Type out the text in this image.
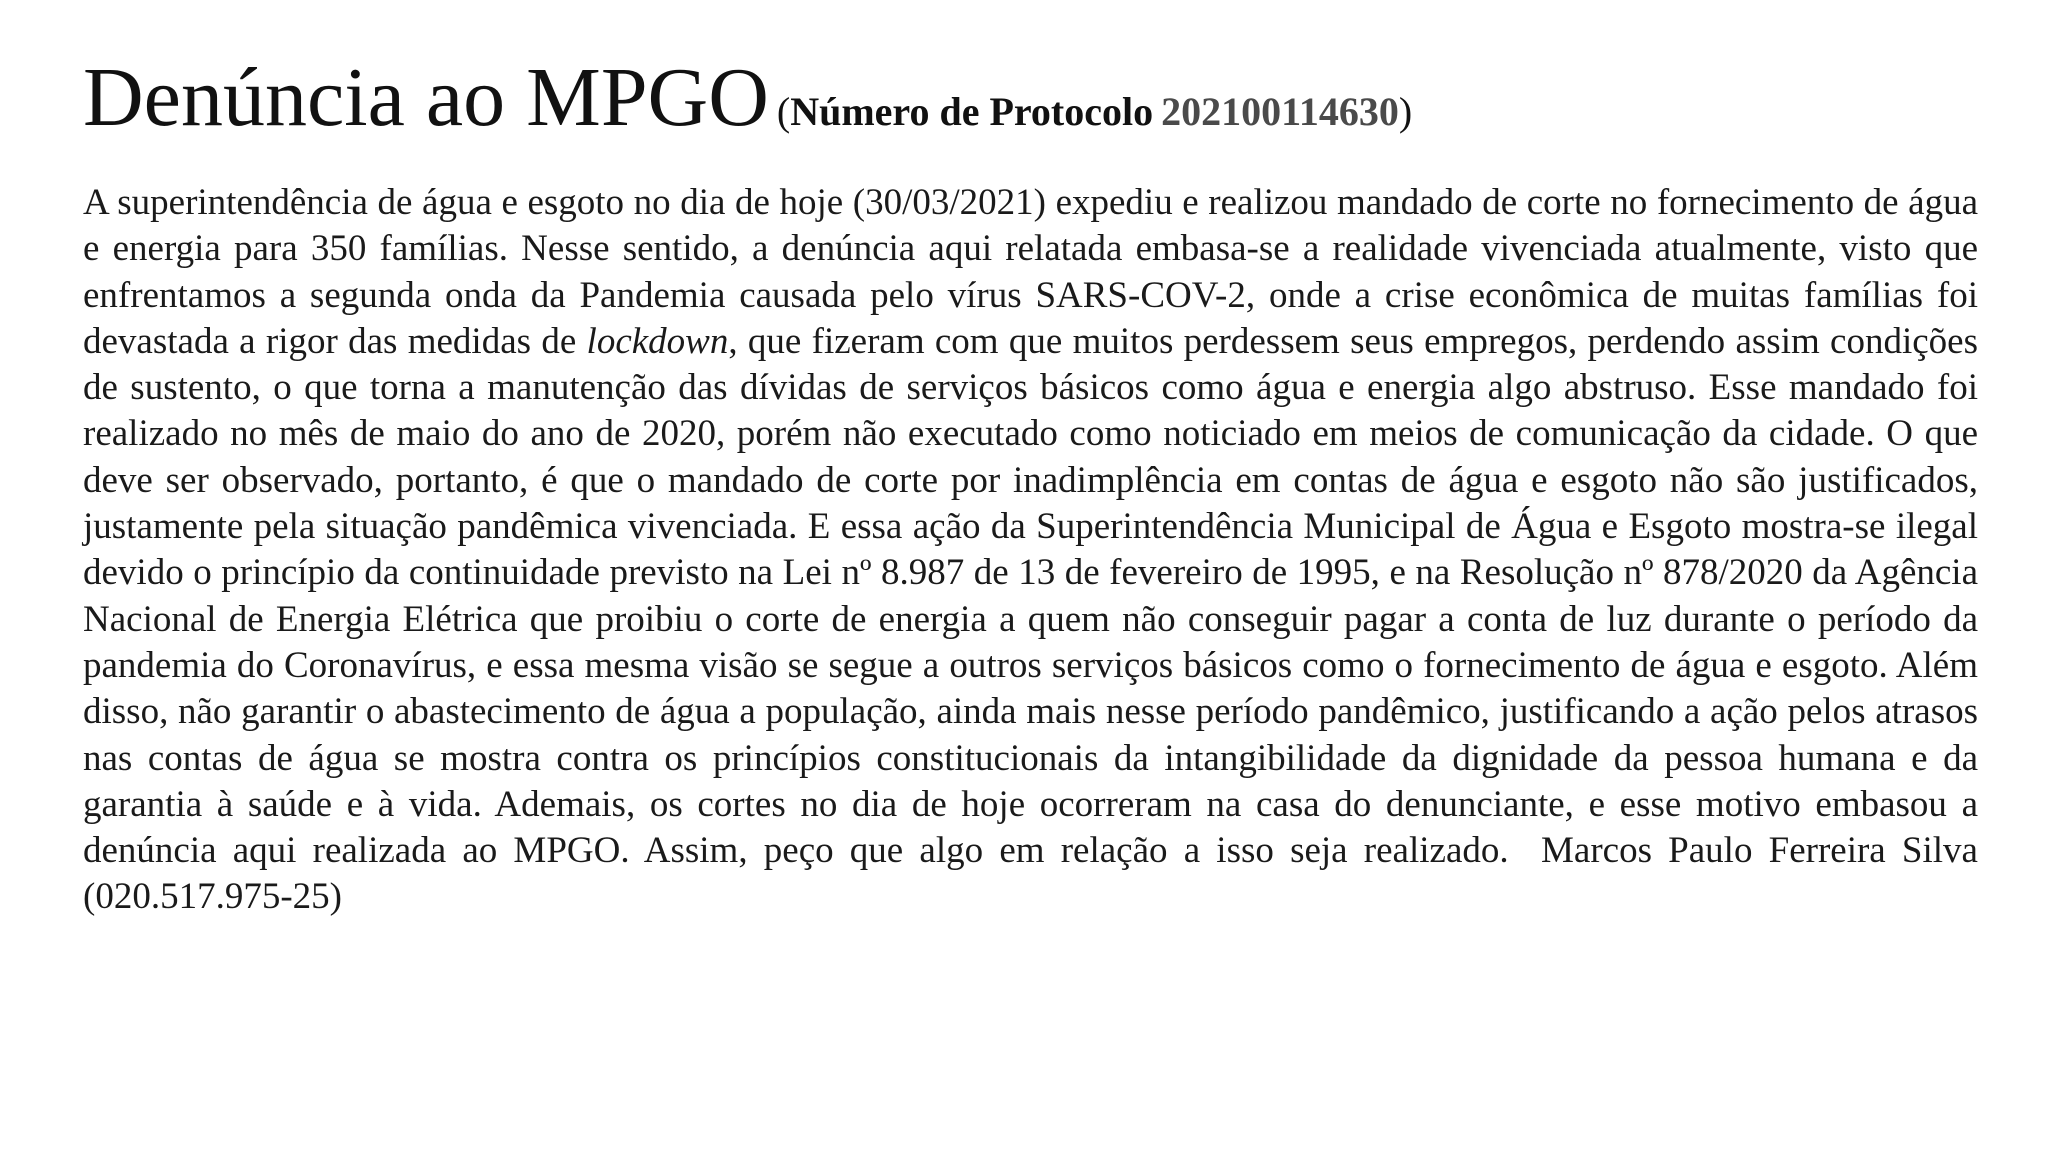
Denúncia ao MPGO (Número de Protocolo 202100114630)

A superintendência de água e esgoto no dia de hoje (30/03/2021) expediu e realizou mandado de corte no fornecimento de água e energia para 350 famílias. Nesse sentido, a denúncia aqui relatada embasa-se a realidade vivenciada atualmente, visto que enfrentamos a segunda onda da Pandemia causada pelo vírus SARS-COV-2, onde a crise econômica de muitas famílias foi devastada a rigor das medidas de lockdown, que fizeram com que muitos perdessem seus empregos, perdendo assim condições de sustento, o que torna a manutenção das dívidas de serviços básicos como água e energia algo abstruso. Esse mandado foi realizado no mês de maio do ano de 2020, porém não executado como noticiado em meios de comunicação da cidade. O que deve ser observado, portanto, é que o mandado de corte por inadimplência em contas de água e esgoto não são justificados, justamente pela situação pandêmica vivenciada. E essa ação da Superintendência Municipal de Água e Esgoto mostra-se ilegal devido o princípio da continuidade previsto na Lei nº 8.987 de 13 de fevereiro de 1995, e na Resolução nº 878/2020 da Agência Nacional de Energia Elétrica que proibiu o corte de energia a quem não conseguir pagar a conta de luz durante o período da pandemia do Coronavírus, e essa mesma visão se segue a outros serviços básicos como o fornecimento de água e esgoto. Além disso, não garantir o abastecimento de água a população, ainda mais nesse período pandêmico, justificando a ação pelos atrasos nas contas de água se mostra contra os princípios constitucionais da intangibilidade da dignidade da pessoa humana e da garantia à saúde e à vida. Ademais, os cortes no dia de hoje ocorreram na casa do denunciante, e esse motivo embasou a denúncia aqui realizada ao MPGO. Assim, peço que algo em relação a isso seja realizado. Marcos Paulo Ferreira Silva (020.517.975-25)
